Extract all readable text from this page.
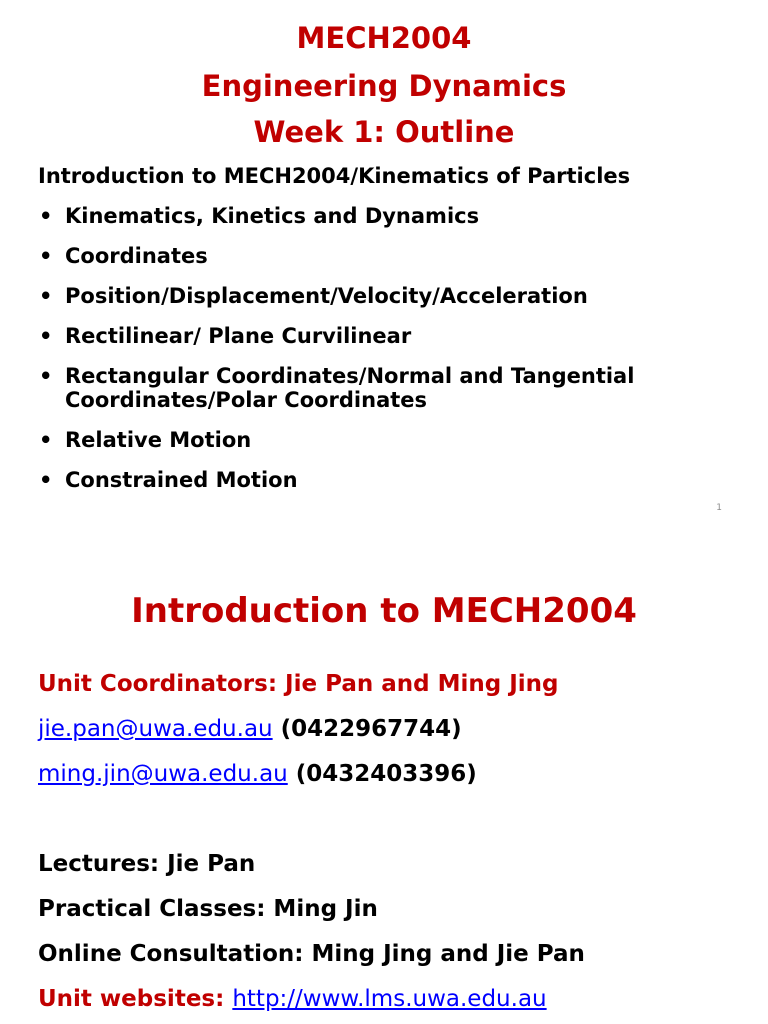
MECH2004
Engineering Dynamics
Week 1: Outline
Introduction to MECH2004/Kinematics of Particles
• Kinematics, Kinetics and Dynamics
• Coordinates
• Position/Displacement/Velocity/Acceleration
• Rectilinear/ Plane Curvilinear
• Rectangular Coordinates/Normal and Tangential
Coordinates/Polar Coordinates
• Relative Motion
• Constrained Motion
1
Introduction to MECH2004
Unit Coordinators: Jie Pan and Ming Jing
jie.pan@uwa.edu.au (0422967744)
ming.jin@uwa.edu.au (0432403396)
Lectures: Jie Pan
Practical Classes: Ming Jin
Online Consultation: Ming Jing and Jie Pan
Unit websites: http://www.lms.uwa.edu.au
